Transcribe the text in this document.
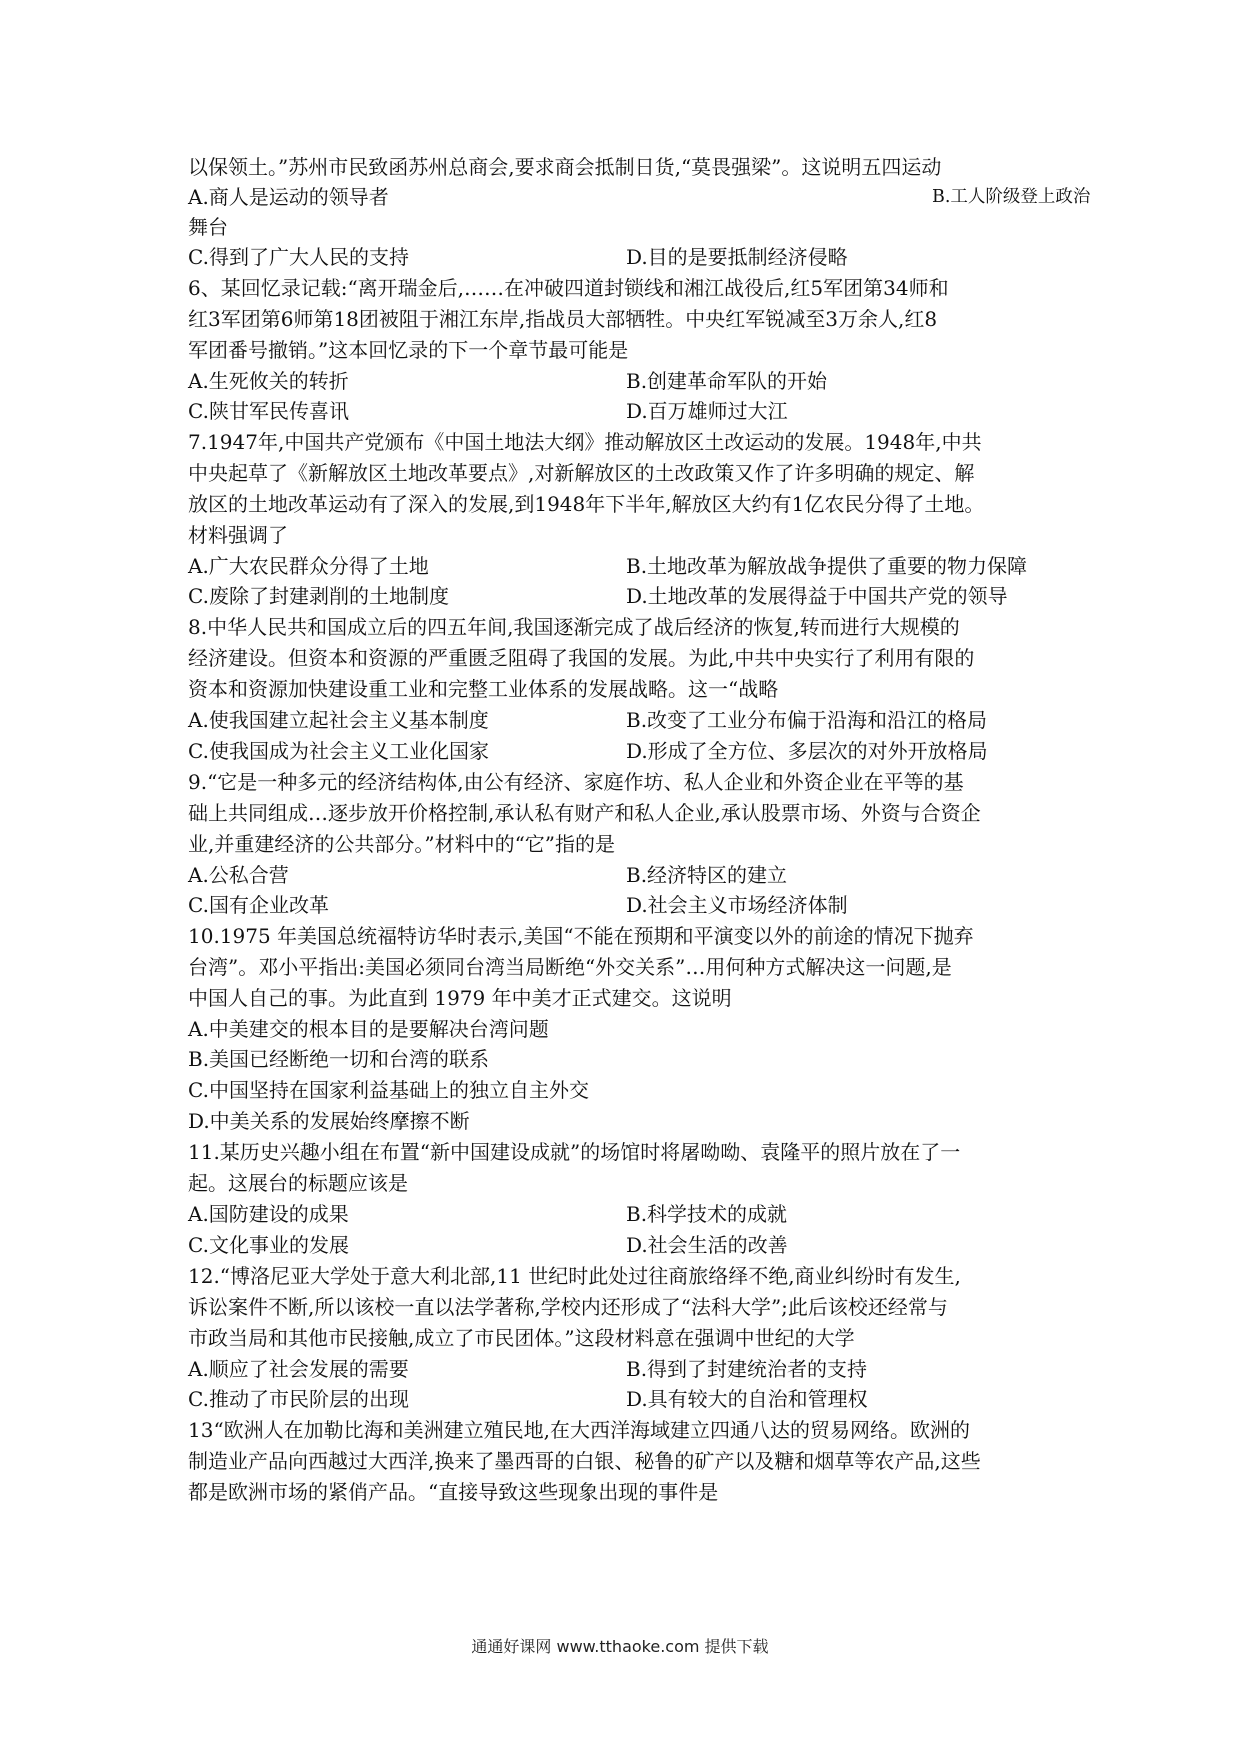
以保领土。”苏州市民致函苏州总商会,要求商会抵制日货,“莫畏强梁”。这说明五四运动
A.商人是运动的领导者	B.工人阶级登上政治
舞台
C.得到了广大人民的支持	D.目的是要抵制经济侵略
6、某回忆录记载:“离开瑞金后,……在冲破四道封锁线和湘江战役后,红5军团第34师和
红3军团第6师第18团被阻于湘江东岸,指战员大部牺牲。中央红军锐减至3万余人,红8
军团番号撤销。”这本回忆录的下一个章节最可能是
A.生死攸关的转折	B.创建革命军队的开始
C.陕甘军民传喜讯	D.百万雄师过大江
7.1947年,中国共产党颁布《中国土地法大纲》推动解放区土改运动的发展。1948年,中共
中央起草了《新解放区土地改革要点》,对新解放区的土改政策又作了许多明确的规定、解
放区的土地改革运动有了深入的发展,到1948年下半年,解放区大约有1亿农民分得了土地。
材料强调了
A.广大农民群众分得了土地	B.土地改革为解放战争提供了重要的物力保障
C.废除了封建剥削的土地制度	D.土地改革的发展得益于中国共产党的领导
8.中华人民共和国成立后的四五年间,我国逐渐完成了战后经济的恢复,转而进行大规模的
经济建设。但资本和资源的严重匮乏阻碍了我国的发展。为此,中共中央实行了利用有限的
资本和资源加快建设重工业和完整工业体系的发展战略。这一“战略
A.使我国建立起社会主义基本制度	B.改变了工业分布偏于沿海和沿江的格局
C.使我国成为社会主义工业化国家	D.形成了全方位、多层次的对外开放格局
9.“它是一种多元的经济结构体,由公有经济、家庭作坊、私人企业和外资企业在平等的基
础上共同组成…逐步放开价格控制,承认私有财产和私人企业,承认股票市场、外资与合资企
业,并重建经济的公共部分。”材料中的“它”指的是
A.公私合营	B.经济特区的建立
C.国有企业改革	D.社会主义市场经济体制
10.1975 年美国总统福特访华时表示,美国“不能在预期和平演变以外的前途的情况下抛弃
台湾”。邓小平指出:美国必须同台湾当局断绝“外交关系”…用何种方式解决这一问题,是
中国人自己的事。为此直到 1979 年中美才正式建交。这说明
A.中美建交的根本目的是要解决台湾问题
B.美国已经断绝一切和台湾的联系
C.中国坚持在国家利益基础上的独立自主外交
D.中美关系的发展始终摩擦不断
11.某历史兴趣小组在布置“新中国建设成就”的场馆时将屠呦呦、袁隆平的照片放在了一
起。这展台的标题应该是
A.国防建设的成果	B.科学技术的成就
C.文化事业的发展	D.社会生活的改善
12.“博洛尼亚大学处于意大利北部,11 世纪时此处过往商旅络绎不绝,商业纠纷时有发生,
诉讼案件不断,所以该校一直以法学著称,学校内还形成了“法科大学”;此后该校还经常与
市政当局和其他市民接触,成立了市民团体。”这段材料意在强调中世纪的大学
A.顺应了社会发展的需要	B.得到了封建统治者的支持
C.推动了市民阶层的出现	D.具有较大的自治和管理权
13“欧洲人在加勒比海和美洲建立殖民地,在大西洋海域建立四通八达的贸易网络。欧洲的
制造业产品向西越过大西洋,换来了墨西哥的白银、秘鲁的矿产以及糖和烟草等农产品,这些
都是欧洲市场的紧俏产品。“直接导致这些现象出现的事件是
通通好课网 www.tthaoke.com 提供下载
